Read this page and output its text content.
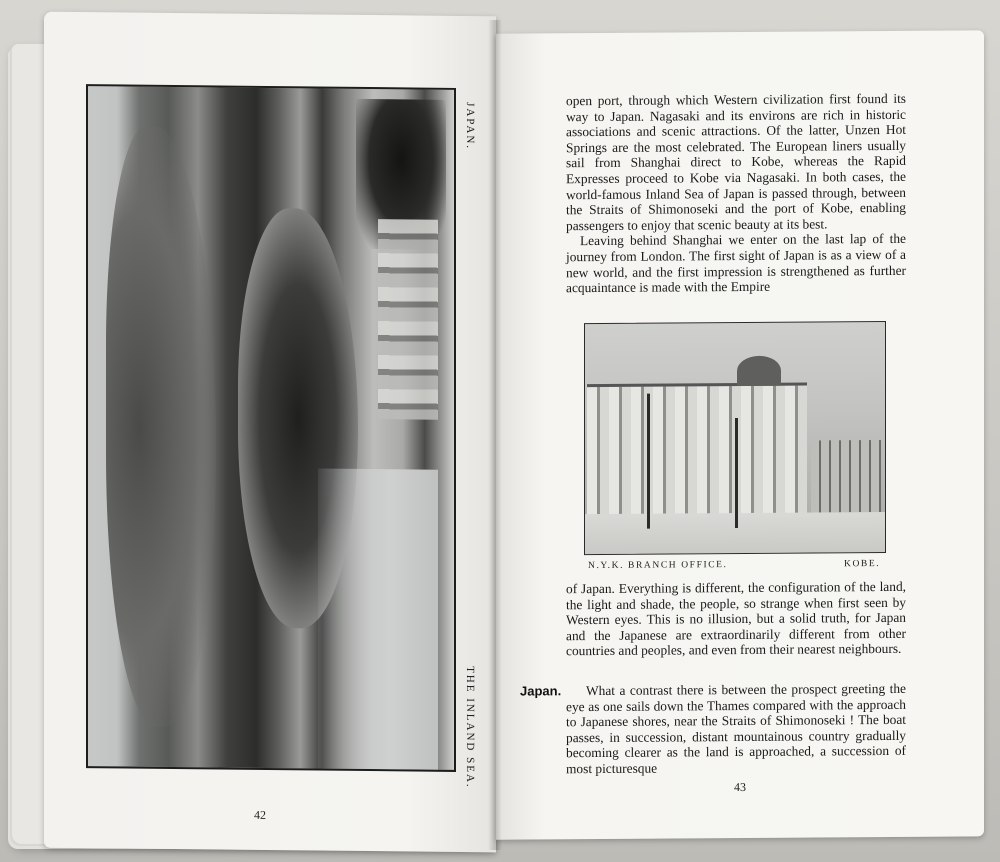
JAPAN.
THE INLAND SEA.
42

open port, through which Western civilization first found its way to Japan. Nagasaki and its environs are rich in historic associations and scenic attractions. Of the latter, Unzen Hot Springs are the most celebrated. The European liners usually sail from Shanghai direct to Kobe, whereas the Rapid Expresses proceed to Kobe via Nagasaki. In both cases, the world-famous Inland Sea of Japan is passed through, between the Straits of Shimonoseki and the port of Kobe, enabling passengers to enjoy that scenic beauty at its best.

Leaving behind Shanghai we enter on the last lap of the journey from London. The first sight of Japan is as a view of a new world, and the first impression is strengthened as further acquaintance is made with the Empire

N.Y.K. BRANCH OFFICE.	KOBE.

of Japan. Everything is different, the configuration of the land, the light and shade, the people, so strange when first seen by Western eyes. This is no illusion, but a solid truth, for Japan and the Japanese are extraordinarily different from other countries and peoples, and even from their nearest neighbours.

Japan.	What a contrast there is between the prospect greeting the eye as one sails down the Thames compared with the approach to Japanese shores, near the Straits of Shimonoseki ! The boat passes, in succession, distant mountainous country gradually becoming clearer as the land is approached, a succession of most picturesque

43
